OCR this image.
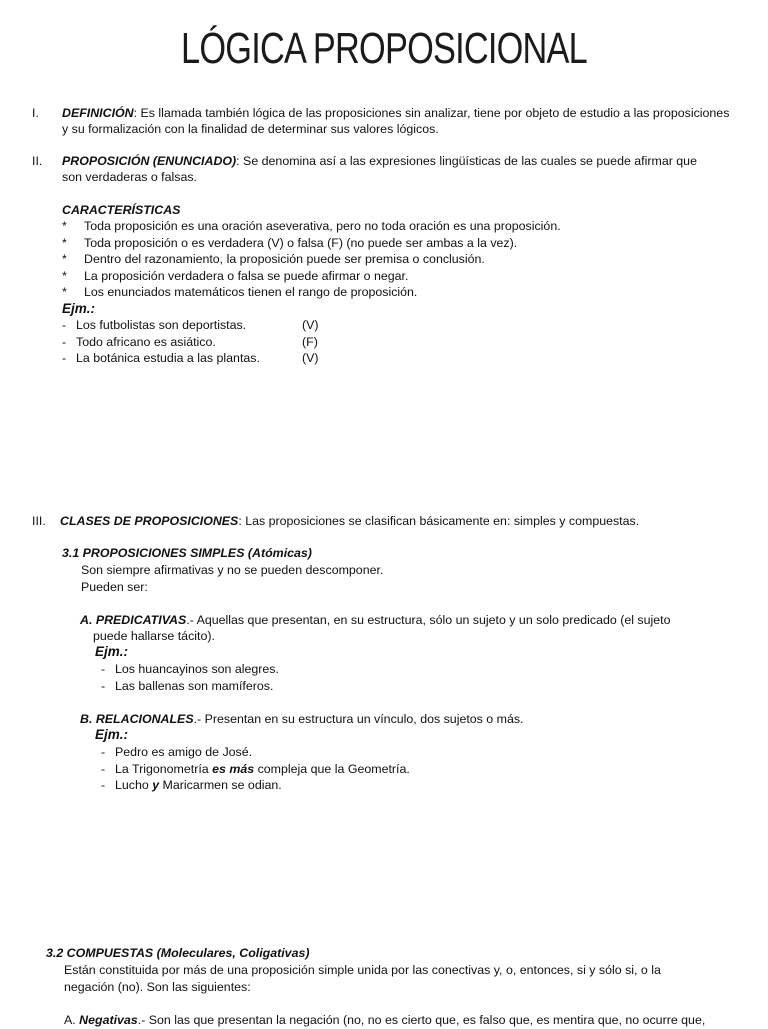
LÓGICA PROPOSICIONAL
I. DEFINICIÓN: Es llamada también lógica de las proposiciones sin analizar, tiene por objeto de estudio a las proposiciones
y su formalización con la finalidad de determinar sus valores lógicos.
II. PROPOSICIÓN (ENUNCIADO): Se denomina así a las expresiones lingüísticas de las cuales se puede afirmar que
son verdaderas o falsas.
CARACTERÍSTICAS
* Toda proposición es una oración aseverativa, pero no toda oración es una proposición.
* Toda proposición o es verdadera (V) o falsa (F) (no puede ser ambas a la vez).
* Dentro del razonamiento, la proposición puede ser premisa o conclusión.
* La proposición verdadera o falsa se puede afirmar o negar.
* Los enunciados matemáticos tienen el rango de proposición.
Ejm.:
- Los futbolistas son deportistas.	(V)
- Todo africano es asiático.	(F)
- La botánica estudia a las plantas.	(V)
III. CLASES DE PROPOSICIONES: Las proposiciones se clasifican básicamente en: simples y compuestas.
3.1 PROPOSICIONES SIMPLES (Atómicas)
Son siempre afirmativas y no se pueden descomponer.
Pueden ser:
A. PREDICATIVAS.- Aquellas que presentan, en su estructura, sólo un sujeto y un solo predicado (el sujeto
puede hallarse tácito).
Ejm.:
- Los huancayinos son alegres.
- Las ballenas son mamíferos.
B. RELACIONALES.- Presentan en su estructura un vínculo, dos sujetos o más.
Ejm.:
- Pedro es amigo de José.
- La Trigonometría es más compleja que la Geometría.
- Lucho y Maricarmen se odian.
3.2 COMPUESTAS (Moleculares, Coligativas)
Están constituida por más de una proposición simple unida por las conectivas y, o, entonces, si y sólo si, o la
negación (no). Son las siguientes:
A. Negativas.- Son las que presentan la negación (no, no es cierto que, es falso que, es mentira que, no ocurre que,
